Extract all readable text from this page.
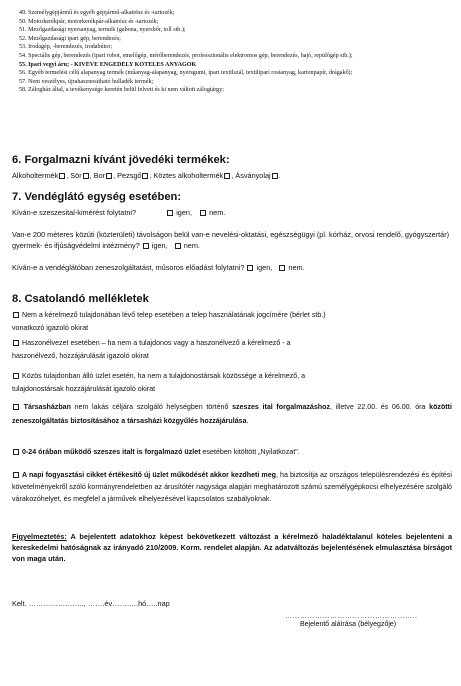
49. Személygépjármű és egyéb gépjármű-alkatrész és -tartozék;
50. Motorkerékpár, motorkerékpár-alkatrész és -tartozék;
51. Mezőgazdasági nyersanyag, termék (gabona, nyersbőr, toll stb.);
52. Mezőgazdasági ipari gép, berendezés;
53. Irodagép, -berendezés, irodabútor;
54. Speciális gép, berendezés (ipari robot, emelőgép, mérőberendezés, professzionális elektromos gép, berendezés, hajó, repülőgép stb.);
55. Ipari vegyi áru; - KIVÉVE ENGEDÉLY KÖTELES ANYAGOK
56. Egyéb termelési célú alapanyag termék (műanyag-alapanyag, nyersgumi, ipari textilszál, textilipari rostanyag, kartonpapír, drágakő);
57. Nem veszélyes, újrahasznosítható hulladék termék;
58. Zálogház által, a tevékenysége keretén belül felvett és ki nem váltott zálogtárgy;
6. Forgalmazni kívánt jövedéki termékek:
Alkoholtermék , Sör , Bor , Pezsgő , Köztes alkoholtermék , Ásványolaj .
7. Vendéglátó egység esetében:
Kíván-e szeszesital-kimérést folytatni?	igen, nem.
Van-e 200 méteres közúti (közterületi) távolságon belül van-e nevelési-oktatási, egészségügyi (pl. kórház, orvosi rendelő, gyógyszertár) gyermek- és ifjúságvédelmi intézmény? igen, nem.
Kíván-e a vendéglátóban zeneszolgáltatást, műsoros előadást folytatni? igen, nem.
8. Csatolandó mellékletek
Nem a kérelmező tulajdonában lévő telep esetében a telep használatának jogcímére (bérlet stb.)
vonatkozó igazoló okirat
Haszonélvezet esetében – ha nem a tulajdonos vagy a haszonélvező a kérelmező - a
haszonélvező, hozzájárulását igazoló okirat
Közös tulajdonban álló üzlet esetén, ha nem a tulajdonostársak közössége a kérelmező, a
tulajdonostársak hozzájárulását igazoló okirat
Társasházban nem lakás céljára szolgáló helységben történő szeszes ital forgalmazáshoz, illetve 22.00. és 06.00. óra közötti zeneszolgáltatás biztosításához a társasházi közgyűlés hozzájárulása.
0-24 órában működő szeszes italt is forgalmazó üzlet esetében kitöltött „Nyilatkozat".
A napi fogyasztási cikket értékesítő új üzlet működését akkor kezdheti meg, ha biztosítja az országos településrendezési és építési követelményekről szóló kormányrendeletben az árusítótér nagysága alapján meghatározott számú személygépkocsi elhelyezésére szolgáló várakozóhelyet, és megfelel a járművek elhelyezésével kapcsolatos szabályoknak.
Figyelmeztetés: A bejelentett adatokhoz képest bekövetkezett változást a kérelmező haladéktalanul köteles bejelenteni a kereskedelmi hatóságnak az irányadó 210/2009. Korm. rendelet alapján. Az adatváltozás bejelentésének elmulasztása bírságot von maga után.
Kelt. ………………….., …….év………..hó…..nap
……………………………………………..
Bejelentő aláírása (bélyegzője)
